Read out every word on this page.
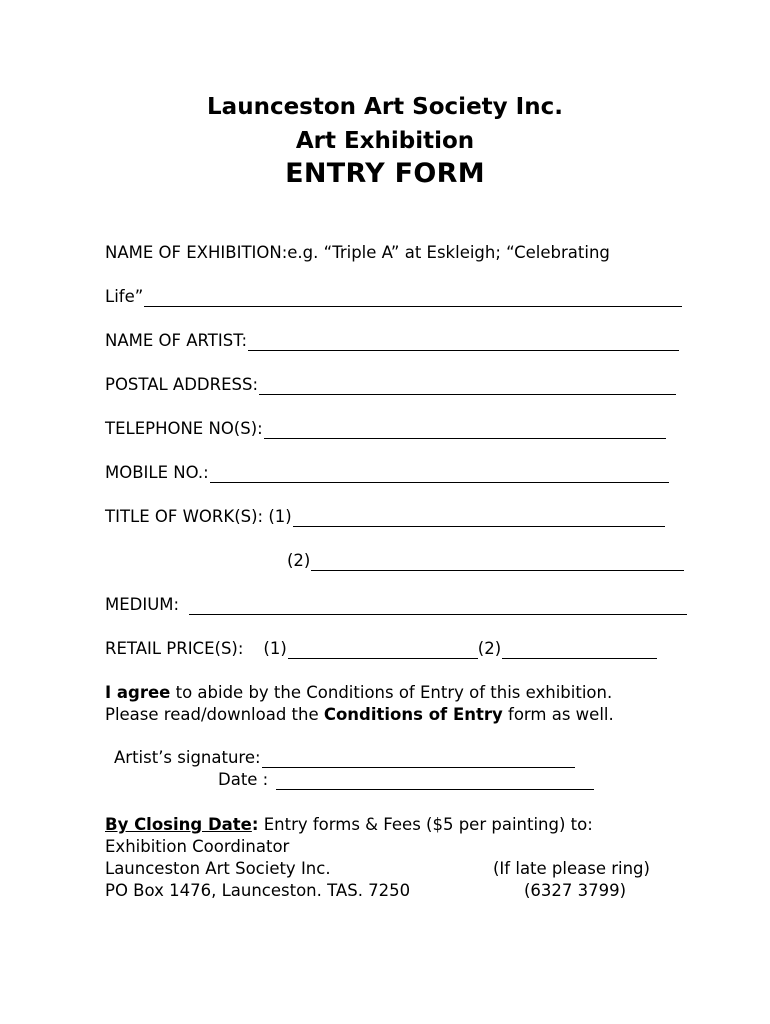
Launceston Art Society Inc.
Art Exhibition
ENTRY FORM
NAME OF EXHIBITION:e.g. “Triple A” at Eskleigh; “Celebrating
Life”
NAME OF ARTIST:
POSTAL ADDRESS:
TELEPHONE NO(S):
MOBILE NO.:
TITLE OF WORK(S): (1)
(2)
MEDIUM:
RETAIL PRICE(S): (1)	(2)
I agree to abide by the Conditions of Entry of this exhibition.
Please read/download the Conditions of Entry form as well.
Artist’s signature:
Date :
By Closing Date: Entry forms & Fees ($5 per painting) to:
Exhibition Coordinator
Launceston Art Society Inc.
PO Box 1476, Launceston. TAS. 7250
(If late please ring)
(6327 3799)
